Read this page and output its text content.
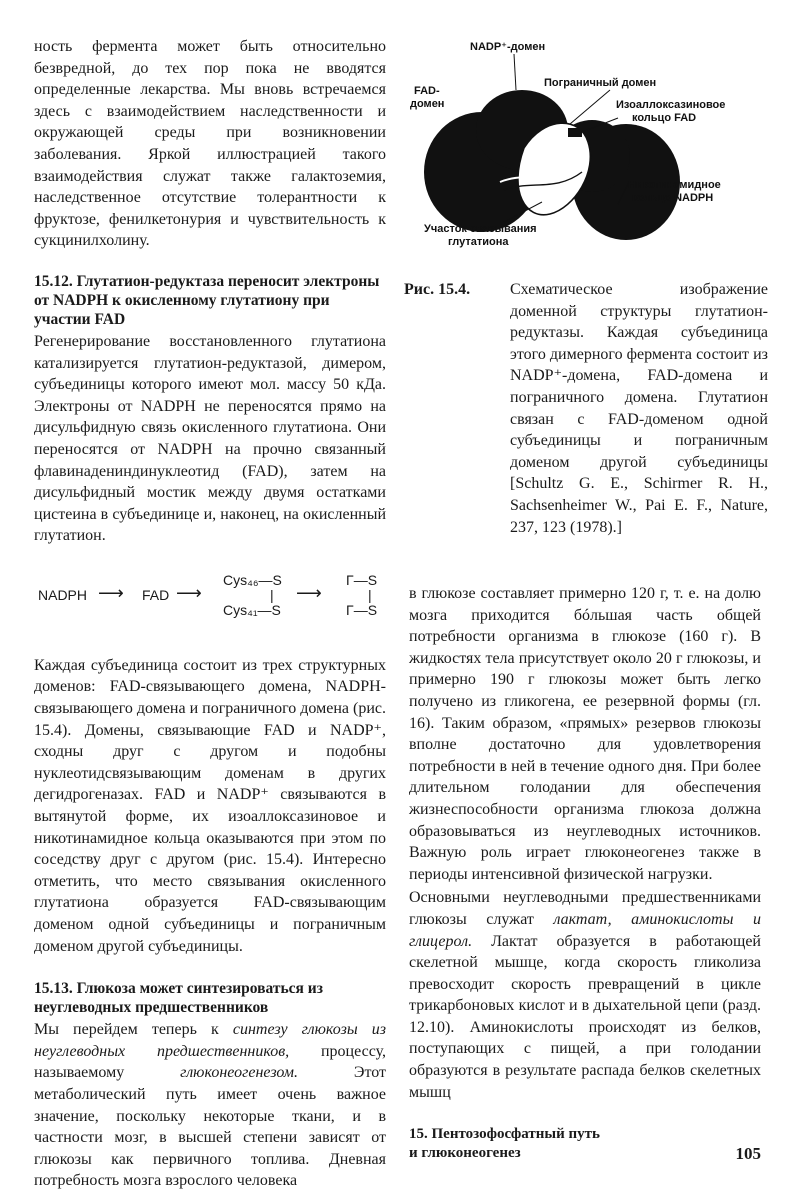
ность фермента может быть относительно безвредной, до тех пор пока не вводятся определенные лекарства. Мы вновь встречаемся здесь с взаимодействием наследственности и окружающей среды при возникновении заболевания. Яркой иллюстрацией такого взаимодействия служат также галактоземия, наследственное отсутствие толерантности к фруктозе, фенилкетонурия и чувствительность к сукцинилхолину.

15.12. Глутатион-редуктаза переносит электроны от NADPH к окисленному глутатиону при участии FAD

Регенерирование восстановленного глутатиона катализируется глутатион-редуктазой, димером, субъединицы которого имеют мол. массу 50 кДа. Электроны от NADPH не переносятся прямо на дисульфидную связь окисленного глутатиона. Они переносятся от NADPH на прочно связанный флавинадениндинуклеотид (FAD), затем на дисульфидный мостик между двумя остатками цистеина в субъединице и, наконец, на окисленный глутатион.

NADPH ⟶ FAD ⟶
Cys₄₆—S
|
Cys₄₁—S
⟶
Γ—S
|
Γ—S

Каждая субъединица состоит из трех структурных доменов: FAD-связывающего домена, NADPH-связывающего домена и пограничного домена (рис. 15.4). Домены, связывающие FAD и NADP⁺, сходны друг с другом и подобны нуклеотидсвязывающим доменам в других дегидрогеназах. FAD и NADP⁺ связываются в вытянутой форме, их изоаллоксазиновое и никотинамидное кольца оказываются при этом по соседству друг с другом (рис. 15.4). Интересно отметить, что место связывания окисленного глутатиона образуется FAD-связывающим доменом одной субъединицы и пограничным доменом другой субъединицы.

15.13. Глюкоза может синтезироваться из неуглеводных предшественников

Мы перейдем теперь к синтезу глюкозы из неуглеводных предшественников, процессу, называемому глюконеогенезом. Этот метаболический путь имеет очень важное значение, поскольку некоторые ткани, и в частности мозг, в высшей степени зависят от глюкозы как первичного топлива. Дневная потребность мозга взрослого человека

NADP⁺-домен
FAD-
домен
Пограничный домен
Изоаллоксазиновое
кольцо FAD
Никотинамидное
кольцо NADPH
Участок связывания
глутатиона
Рис. 15.4.	Схематическое изображение доменной структуры глутатион-редуктазы. Каждая субъединица этого димерного фермента состоит из NADP⁺-домена, FAD-домена и пограничного домена. Глутатион связан с FAD-доменом одной субъединицы и пограничным доменом другой субъединицы [Schultz G. E., Schirmer R. H., Sachsenheimer W., Pai E. F., Nature, 237, 123 (1978).]

в глюкозе составляет примерно 120 г, т. е. на долю мозга приходится бóльшая часть общей потребности организма в глюкозе (160 г). В жидкостях тела присутствует около 20 г глюкозы, и примерно 190 г глюкозы может быть легко получено из гликогена, ее резервной формы (гл. 16). Таким образом, «прямых» резервов глюкозы вполне достаточно для удовлетворения потребности в ней в течение одного дня. При более длительном голодании для обеспечения жизнеспособности организма глюкоза должна образовываться из неуглеводных источников. Важную роль играет глюконеогенез также в периоды интенсивной физической нагрузки.

Основными неуглеводными предшественниками глюкозы служат лактат, аминокислоты и глицерол. Лактат образуется в работающей скелетной мышце, когда скорость гликолиза превосходит скорость превращений в цикле трикарбоновых кислот и в дыхательной цепи (разд. 12.10). Аминокислоты происходят из белков, поступающих с пищей, а при голодании образуются в результате распада белков скелетных мышц

15. Пентозофосфатный путь
и глюконеогенез	105
